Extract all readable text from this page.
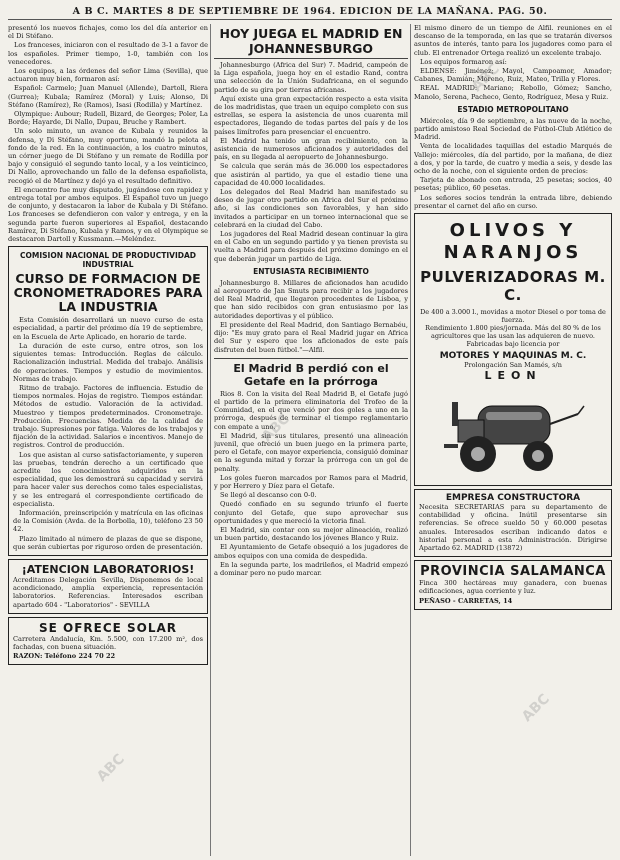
A B C. MARTES 8 DE SEPTIEMBRE DE 1964. EDICION DE LA MAÑANA. PAG. 50.

presentó los nuevos fichajes, como los del día anterior en el Di Stéfano.

Los franceses, iniciaron con el resultado de 3-1 a favor de los españoles. Primer tiempo, 1-0, también con los venecedores.

Los equipos, a las órdenes del señor Lima (Sevilla), que actuaron muy bien, formaron así:

Español: Carmelo; Juan Manuel (Allende), Dartoll, Riera (Gurrea); Kubala; Ramírez (Moral) y Luis; Alonso, Di Stéfano (Ramírez), Re (Ramos), Isasi (Rodilla) y Martínez.

Olympique: Aubour; Rudell, Bizard, de Georges; Poler, La Borde; Hayarde, Di Nallo, Dupau, Bruche y Rambert.

Un solo minuto, un avance de Kubala y reunidos la defensa, y Di Stéfano, muy oportuno, mandó la pelota al fondo de la red. En la continuación, a los cuatro minutos, un córner juego de Di Stéfano y un remate de Rodilla por bajo y consiguió el segundo tanto local, y a los veinticinco, Di Nallo, aprovechando un fallo de la defensa españolista, recogió el de Martínez y dejó ya el resultado definitivo.

El encuentro fue muy disputado, jugándose con rapidez y entrega total por ambos equipos. El Español tuvo un juego de conjunto, y destacaron la labor de Kubala y Di Stéfano. Los franceses se defendieron con valor y entrega, y en la segunda parte fueron superiores al Español, destacando Ramírez, Di Stéfano, Kubala y Ramos, y en el Olympique se destacaron Dartoll y Kussmann.—Meléndez.

COMISION NACIONAL DE PRODUCTIVIDAD INDUSTRIAL
CURSO DE FORMACION DE CRONOMETRADORES PARA LA INDUSTRIA

Esta Comisión desarrollará un nuevo curso de esta especialidad, a partir del próximo día 19 de septiembre, en la Escuela de Arte Aplicado, en horario de tarde.

La duración de este curso, entre otros, son los siguientes temas: Introducción. Reglas de cálculo. Racionalización industrial. Medida del trabajo. Análisis de operaciones. Tiempos y estudio de movimientos. Normas de trabajo.

Ritmo de trabajo. Factores de influencia. Estudio de tiempos normales. Hojas de registro. Tiempos estándar. Métodos de estudio. Valoración de la actividad. Muestreo y tiempos predeterminados. Cronometraje. Producción. Frecuencias. Medida de la calidad de trabajo. Supresiones por fatiga. Valores de los trabajos y fijación de la actividad. Salarios e incentivos. Manejo de registros. Control de producción.

Los que asistan al curso satisfactoriamente, y superen las pruebas, tendrán derecho a un certificado que acredite los conocimientos adquiridos en la especialidad, que les demostrará su capacidad y servirá para hacer valer sus derechos como tales especialistas, y se les entregará el correspondiente certificado de especialista.

Información, preinscripción y matrícula en las oficinas de la Comisión (Avda. de la Borbolla, 10), teléfono 23 50 42.

Plazo limitado al número de plazas de que se dispone, que serán cubiertas por riguroso orden de presentación.

¡ATENCION LABORATORIOS!

Acreditamos Delegación Sevilla, Disponemos de local acondicionado, amplia experiencia, representación laboratorios. Referencias. Interesados escriban apartado 604 - "Laboratorios" - SEVILLA

SE OFRECE SOLAR

Carretera Andalucía, Km. 5.500, con 17.200 m², dos fachadas, con buena situación.

RAZON: Teléfono 224 70 22

HOY JUEGA EL MADRID EN JOHANNESBURGO

Johannesburgo (Africa del Sur) 7. Madrid, campeón de la Liga española, juega hoy en el estadio Rand, contra una selección de la Unión Sudafricana, en el segundo partido de su gira por tierras africanas.

Aquí existe una gran expectación respecto a esta visita de los madridistas, que traen un equipo completo con sus estrellas, se espera la asistencia de unos cuarenta mil espectadores, llegando de todas partes del país y de los países limítrofes para presenciar el encuentro.

El Madrid ha tenido un gran recibimiento, con la asistencia de numerosos aficionados y autoridades del país, en su llegada al aeropuerto de Johannesburgo.

Se calcula que serán más de 36.000 los espectadores que asistirán al partido, ya que el estadio tiene una capacidad de 40.000 localidades.

Los delegados del Real Madrid han manifestado su deseo de jugar otro partido en Africa del Sur el próximo año, si las condiciones son favorables, y han sido invitados a participar en un torneo internacional que se celebrará en la ciudad del Cabo.

Los jugadores del Real Madrid desean continuar la gira en el Cabo en un segundo partido y ya tienen prevista su vuelta a Madrid para después del próximo domingo en el que deberán jugar un partido de Liga.

ENTUSIASTA RECIBIMIENTO

Johannesburgo 8. Millares de aficionados han acudido al aeropuerto de Jan Smuts para recibir a los jugadores del Real Madrid, que llegaron procedentes de Lisboa, y que han sido recibidos con gran entusiasmo por las autoridades deportivas y el público.

El presidente del Real Madrid, don Santiago Bernabéu, dijo: "Es muy grato para el Real Madrid jugar en Africa del Sur y espero que los aficionados de este país disfruten del buen fútbol."—Alfil.

El Madrid B perdió con el Getafe en la prórroga

Rios 8. Con la visita del Real Madrid B, el Getafe jugó el partido de la primera eliminatoria del Trofeo de la Comunidad, en el que venció por dos goles a uno en la prórroga, después de terminar el tiempo reglamentario con empate a uno.

El Madrid, sin sus titulares, presentó una alineación juvenil, que ofreció un buen juego en la primera parte, pero el Getafe, con mayor experiencia, consiguió dominar en la segunda mitad y forzar la prórroga con un gol de penalty.

Los goles fueron marcados por Ramos para el Madrid, y por Herrero y Díez para el Getafe.

Se llegó al descanso con 0-0.

Quedó confiado en su segundo triunfo el fuerte conjunto del Getafe, que supo aprovechar sus oportunidades y que mereció la victoria final.

El Madrid, sin contar con su mejor alineación, realizó un buen partido, destacando los jóvenes Blanco y Ruiz.

El Ayuntamiento de Getafe obsequió a los jugadores de ambos equipos con una comida de despedida.

En la segunda parte, los madrileños, el Madrid empezó a dominar pero no pudo marcar.

El mismo dinero de un tiempo de Alfil. reuniones en el descanso de la temporada, en las que se tratarán diversos asuntos de interés, tanto para los jugadores como para el club. El entrenador Ortega realizó un excelente trabajo.

Los equipos formaron así:

ELDENSE: Jiménez; Mayol, Campoamor, Amador; Cabanes, Damián; Moreno, Ruiz, Mateo, Trilla y Flores.

REAL MADRID: Mariano; Rebollo, Gómez; Sancho, Manolo, Serena, Pacheco, Gento, Rodríguez, Mesa y Ruiz.

ESTADIO METROPOLITANO

Miércoles, día 9 de septiembre, a las nueve de la noche, partido amistoso Real Sociedad de Fútbol-Club Atlético de Madrid.

Venta de localidades taquillas del estadio Marqués de Vallejo: miércoles, día del partido, por la mañana, de diez a dos, y por la tarde, de cuatro y media a seis, y desde las ocho de la noche, con el siguiente orden de precios:

Tarjeta de abonado con entrada, 25 pesetas; socios, 40 pesetas; público, 60 pesetas.

Los señores socios tendrán la entrada libre, debiendo presentar el carnet del año en curso.

OLIVOS Y NARANJOS
PULVERIZADORAS M. C.

De 400 a 3.000 l., movidas a motor Diesel o por toma de fuerza.

Rendimiento 1.800 pies/jornada. Más del 80 % de los agricultores que las usan las adquieren de nuevo.

Fabricadas bajo licencia por

MOTORES Y MAQUINAS M. C.

Prolongación San Mamés, s/n

LEON
EMPRESA CONSTRUCTORA

Necesita SECRETARIAS para su departamento de contabilidad y oficina. Inútil presentarse sin referencias. Se ofrece sueldo 50 y 60.000 pesetas anuales. Interesados escriban indicando datos e historial personal a esta Administración. Dirigirse Apartado 62. MADRID (13872)

PROVINCIA SALAMANCA

Finca 300 hectáreas muy ganadera, con buenas edificaciones, agua corriente y luz.

PEÑASO - CARRETAS, 14

ABC
ABC
ABC
ABC
